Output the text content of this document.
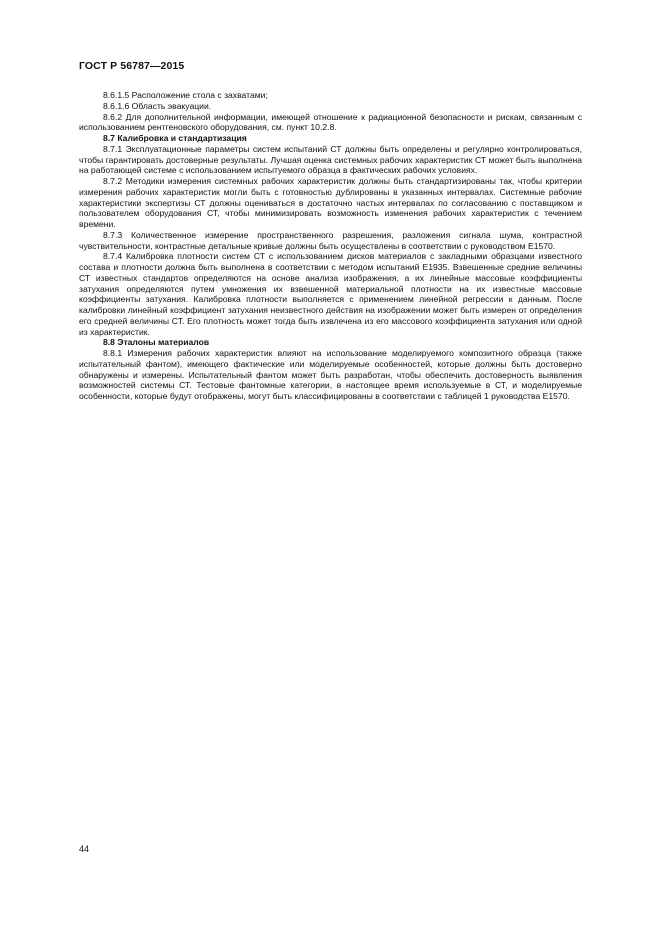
ГОСТ Р 56787—2015

8.6.1.5 Расположение стола с захватами;

8.6.1.6 Область эвакуации.

8.6.2 Для дополнительной информации, имеющей отношение к радиационной безопасности и рискам, связанным с использованием рентгеновского оборудования, см. пункт 10.2.8.

8.7 Калибровка и стандартизация

8.7.1 Эксплуатационные параметры систем испытаний СТ должны быть определены и регулярно контролироваться, чтобы гарантировать достоверные результаты. Лучшая оценка системных рабочих характеристик СТ может быть выполнена на работающей системе с использованием испытуемого образца в фактических рабочих условиях.

8.7.2 Методики измерения системных рабочих характеристик должны быть стандартизированы так, чтобы критерии измерения рабочих характеристик могли быть с готовностью дублированы в указанных интервалах. Системные рабочие характеристики экспертизы СТ должны оцениваться в достаточно частых интервалах по согласованию с поставщиком и пользователем оборудования СТ, чтобы минимизировать возможность изменения рабочих характеристик с течением времени.

8.7.3 Количественное измерение пространственного разрешения, разложения сигнала шума, контрастной чувствительности, контрастные детальные кривые должны быть осуществлены в соответствии с руководством Е1570.

8.7.4 Калибровка плотности систем СТ с использованием дисков материалов с закладными образцами известного состава и плотности должна быть выполнена в соответствии с методом испытаний Е1935. Взвешенные средние величины СТ известных стандартов определяются на основе анализа изображения, а их линейные массовые коэффициенты затухания определяются путем умножения их взвешенной материальной плотности на их известные массовые коэффициенты затухания. Калибровка плотности выполняется с применением линейной регрессии к данным. После калибровки линейный коэффициент затухания неизвестного действия на изображении может быть измерен от определения его средней величины СТ. Его плотность может тогда быть извлечена из его массового коэффициента затухания или одной из характеристик.

8.8 Эталоны материалов

8.8.1 Измерения рабочих характеристик влияют на использование моделируемого композитного образца (также испытательный фантом), имеющего фактические или моделируемые особенностей, которые должны быть достоверно обнаружены и измерены. Испытательный фантом может быть разработан, чтобы обеспечить достоверность выявления возможностей системы СТ. Тестовые фантомные категории, в настоящее время используемые в СТ, и моделируемые особенности, которые будут отображены, могут быть классифицированы в соответствии с таблицей 1 руководства Е1570.

44
